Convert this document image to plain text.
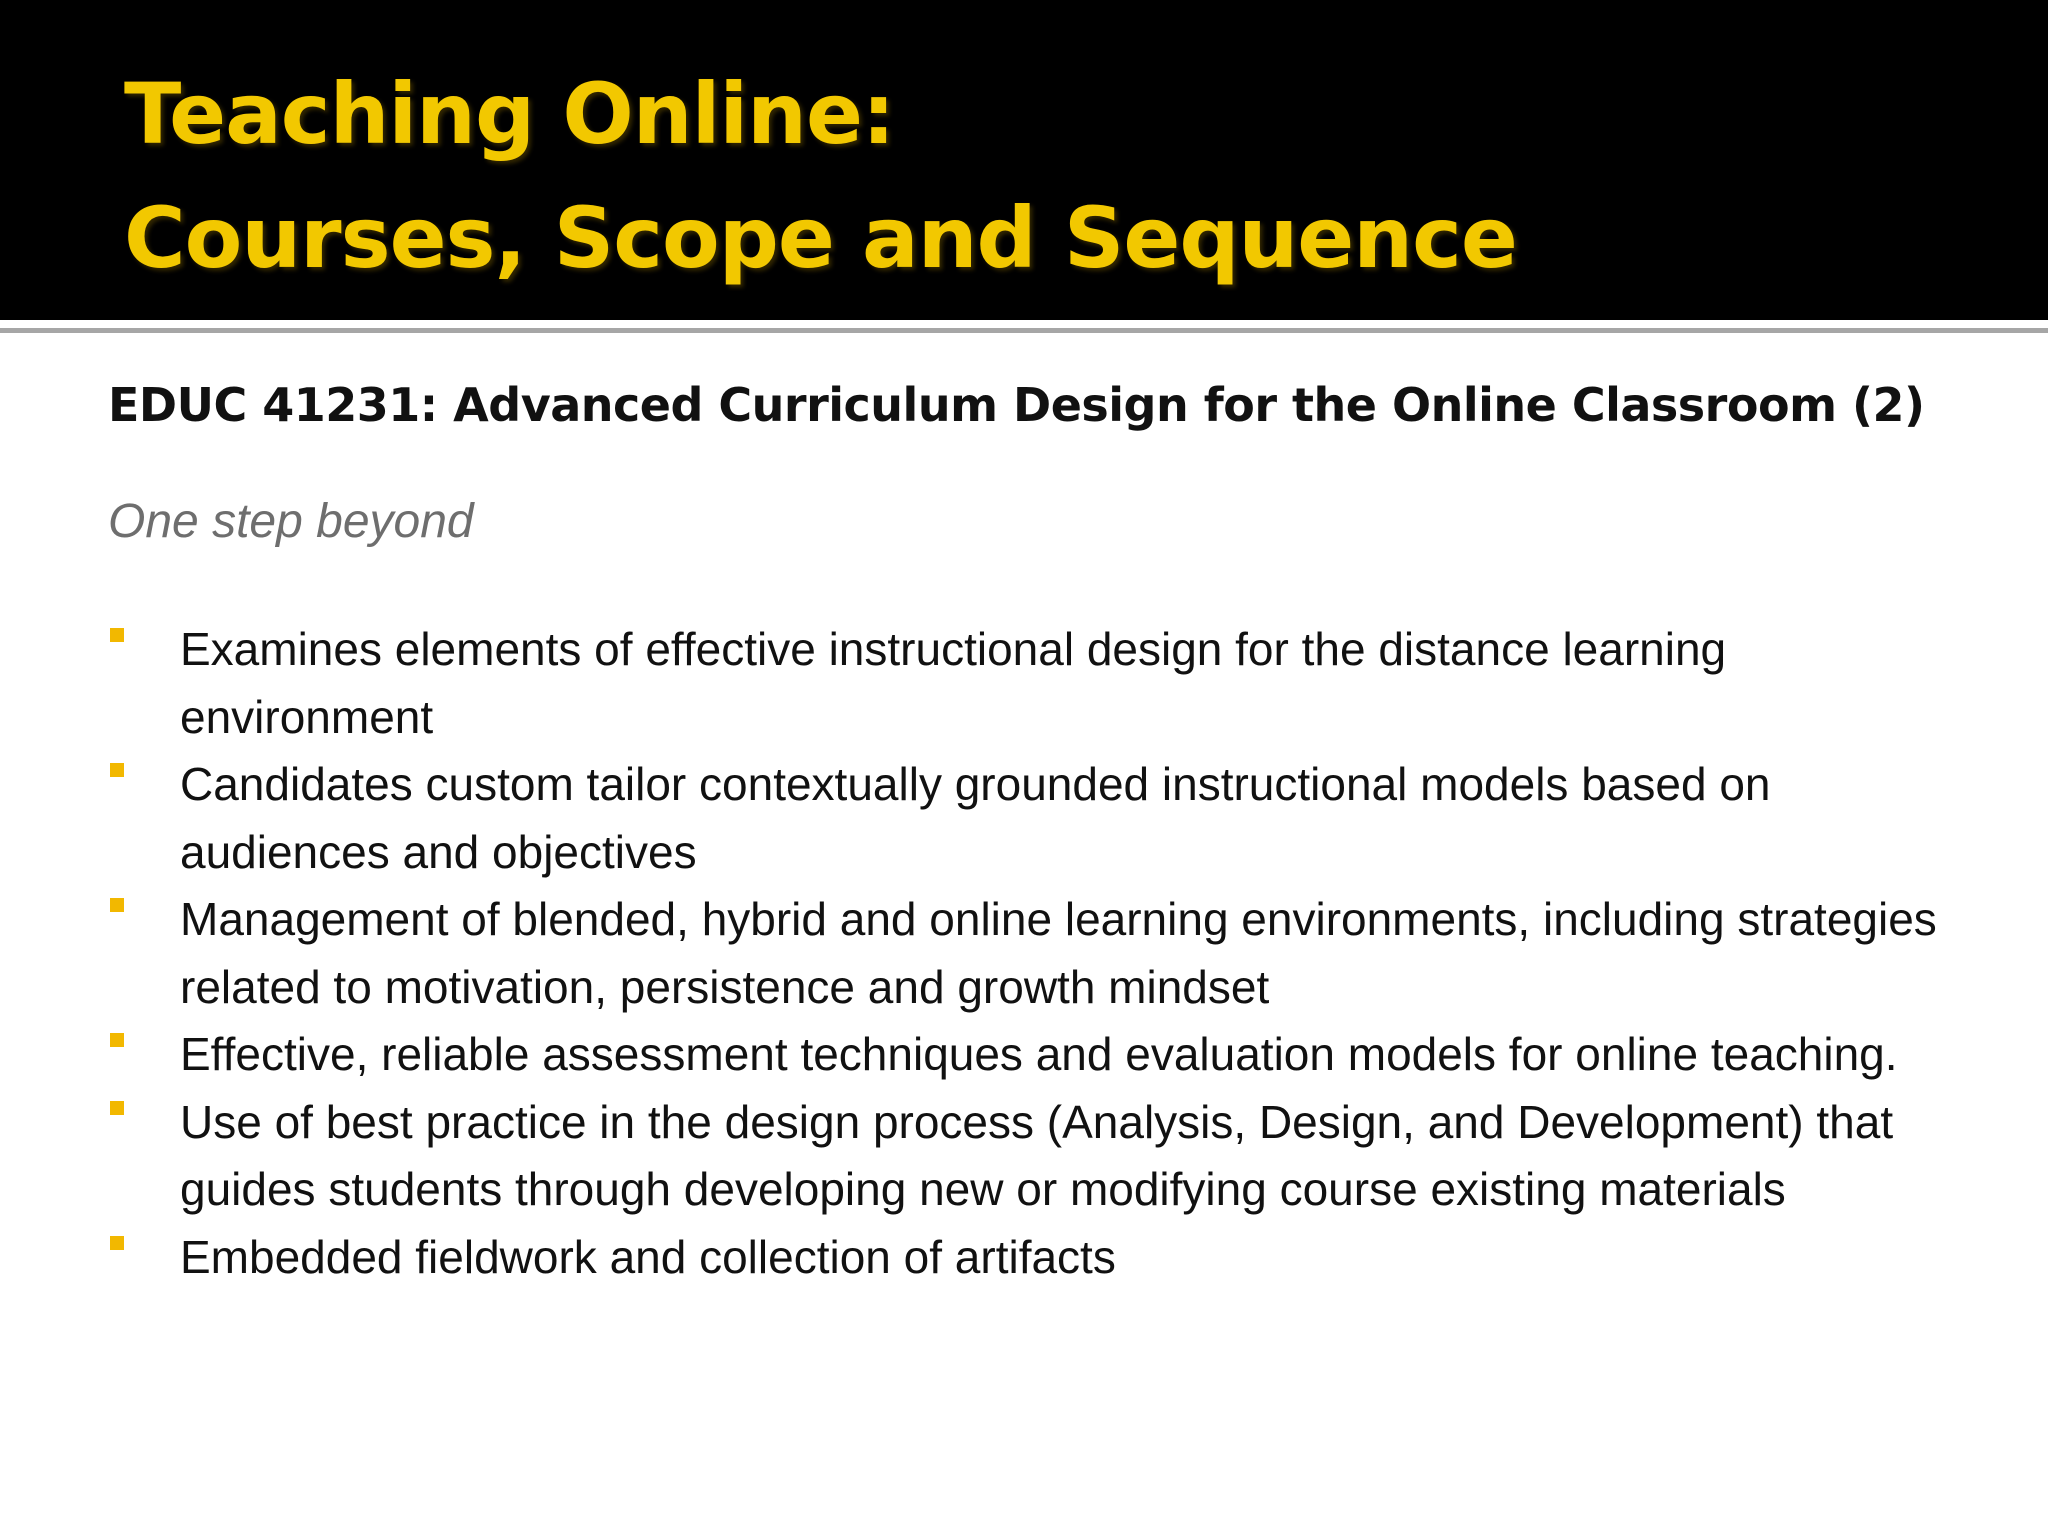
Teaching Online:
Courses, Scope and Sequence
EDUC 41231: Advanced Curriculum Design for the Online Classroom (2)

One step beyond

Examines elements of effective instructional design for the distance learning environment
Candidates custom tailor contextually grounded instructional models based on audiences and objectives
Management of blended, hybrid and online learning environments, including strategies related to motivation, persistence and growth mindset
Effective, reliable assessment techniques and evaluation models for online teaching.
Use of best practice in the design process (Analysis, Design, and Development) that guides students through developing new or modifying course existing materials
Embedded fieldwork and collection of artifacts
